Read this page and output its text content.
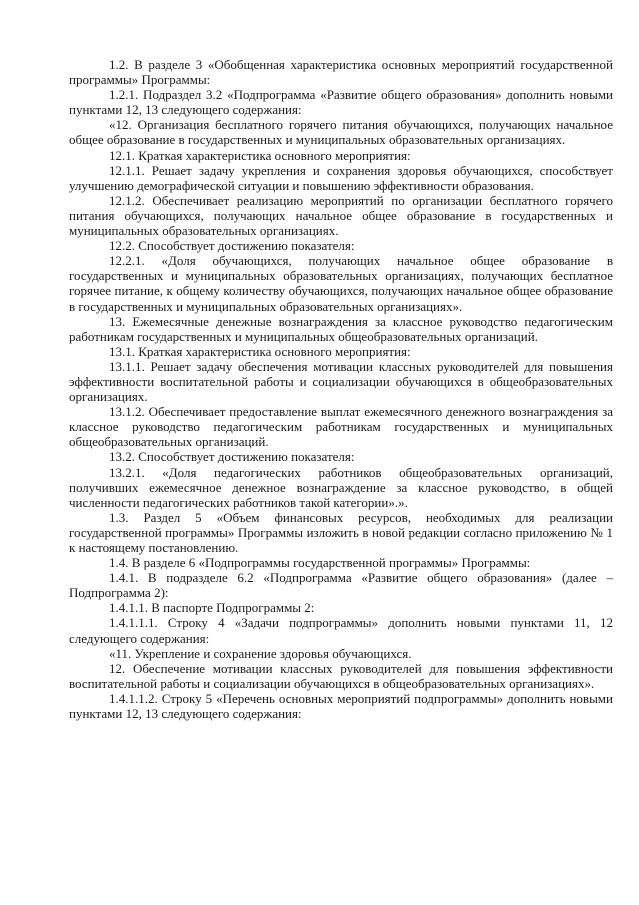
1.2. В разделе 3 «Обобщенная характеристика основных мероприятий государственной программы» Программы:

1.2.1. Подраздел 3.2 «Подпрограмма «Развитие общего образования» дополнить новыми пунктами 12, 13 следующего содержания:

«12. Организация бесплатного горячего питания обучающихся, получающих начальное общее образование в государственных и муниципальных образовательных организациях.

12.1. Краткая характеристика основного мероприятия:

12.1.1. Решает задачу укрепления и сохранения здоровья обучающихся, способствует улучшению демографической ситуации и повышению эффективности образования.

12.1.2. Обеспечивает реализацию мероприятий по организации бесплатного горячего питания обучающихся, получающих начальное общее образование в государственных и муниципальных образовательных организациях.

12.2. Способствует достижению показателя:

12.2.1. «Доля обучающихся, получающих начальное общее образование в государственных и муниципальных образовательных организациях, получающих бесплатное горячее питание, к общему количеству обучающихся, получающих начальное общее образование в государственных и муниципальных образовательных организациях».

13. Ежемесячные денежные вознаграждения за классное руководство педагогическим работникам государственных и муниципальных общеобразовательных организаций.

13.1. Краткая характеристика основного мероприятия:

13.1.1. Решает задачу обеспечения мотивации классных руководителей для повышения эффективности воспитательной работы и социализации обучающихся в общеобразовательных организациях.

13.1.2. Обеспечивает предоставление выплат ежемесячного денежного вознаграждения за классное руководство педагогическим работникам государственных и муниципальных общеобразовательных организаций.

13.2. Способствует достижению показателя:

13.2.1. «Доля педагогических работников общеобразовательных организаций, получивших ежемесячное денежное вознаграждение за классное руководство, в общей численности педагогических работников такой категории».».

1.3. Раздел 5 «Объем финансовых ресурсов, необходимых для реализации государственной программы» Программы изложить в новой редакции согласно приложению № 1 к настоящему постановлению.

1.4. В разделе 6 «Подпрограммы государственной программы» Программы:

1.4.1. В подразделе 6.2 «Подпрограмма «Развитие общего образования» (далее – Подпрограмма 2):

1.4.1.1. В паспорте Подпрограммы 2:

1.4.1.1.1. Строку 4 «Задачи подпрограммы» дополнить новыми пунктами 11, 12 следующего содержания:

«11. Укрепление и сохранение здоровья обучающихся.

12. Обеспечение мотивации классных руководителей для повышения эффективности воспитательной работы и социализации обучающихся в общеобразовательных организациях».

1.4.1.1.2. Строку 5 «Перечень основных мероприятий подпрограммы» дополнить новыми пунктами 12, 13 следующего содержания:
